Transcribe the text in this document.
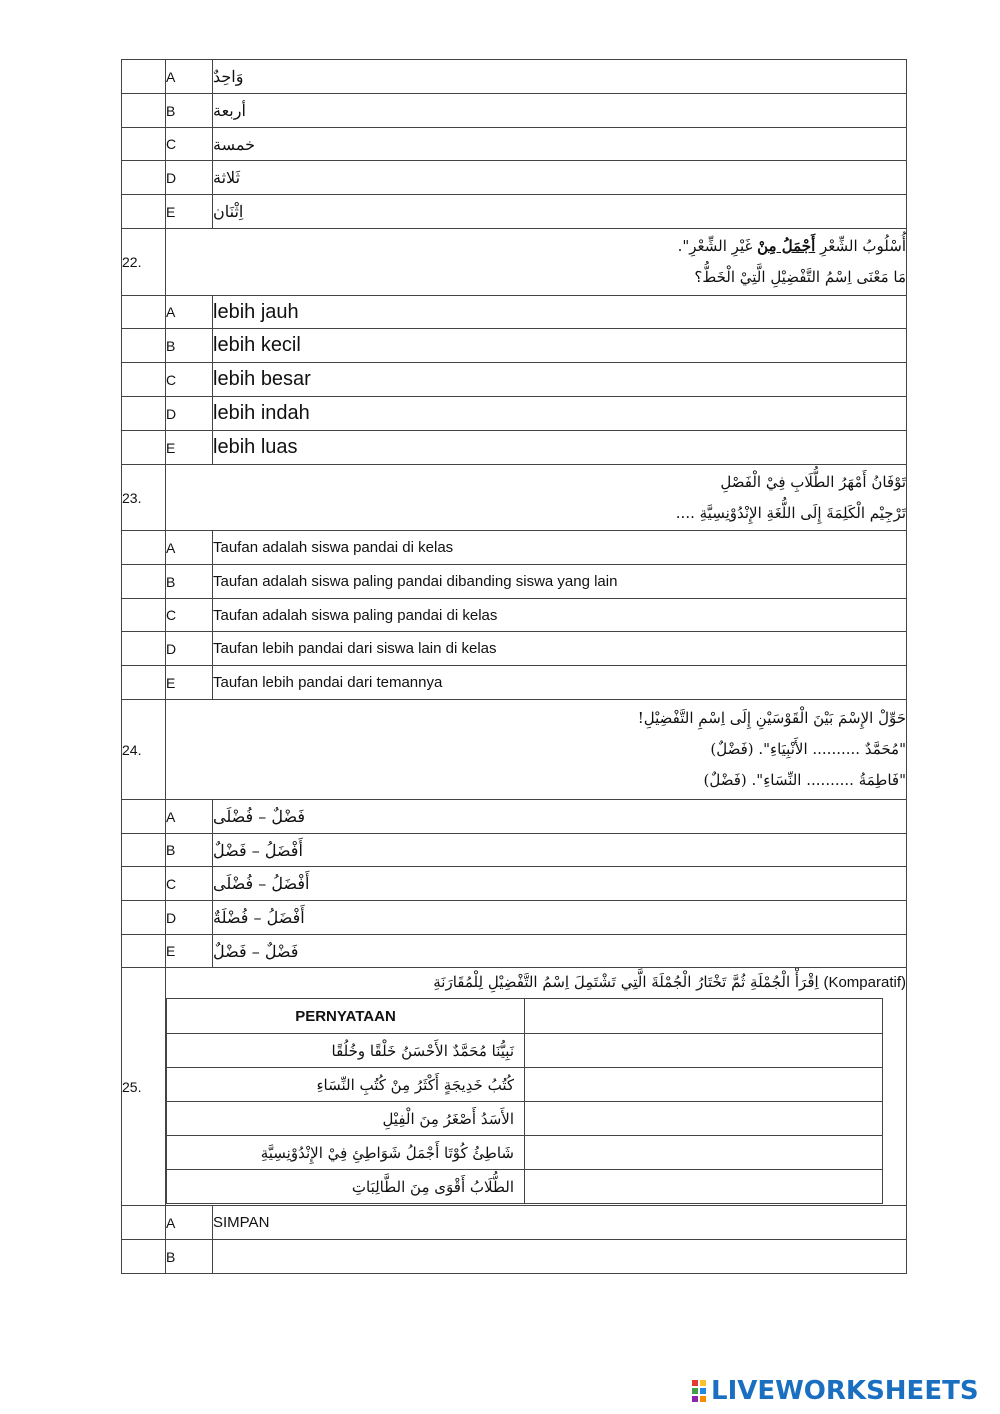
	A	وَاحِدٌ
	B	أربعة
	C	خمسة
	D	ثَلاثة
	E	اِثْنَان
22.	
أُسْلُوبُ الشِّعْرِ أَجْمَلُ مِنْ غَيْرِ الشِّعْرِ".
مَا مَعْنَى اِسْمُ التَّفْضِيْلِ الَّتِيْ الْخَطُّ؟

	A	lebih jauh
	B	lebih kecil
	C	lebih besar
	D	lebih indah
	E	lebih luas
23.	
تَوْفَانُ أَمْهَرُ الطُّلَابِ فِيْ الْفَصْلِ
تَرْجِيْم الْكَلِمَةَ إِلَى اللُّغَةِ الإِنْدُوْنِسِيَّةِ ....

	A	Taufan adalah siswa pandai di kelas
	B	Taufan adalah siswa paling pandai dibanding siswa yang lain
	C	Taufan adalah siswa paling pandai di kelas
	D	Taufan lebih pandai dari siswa lain di kelas
	E	Taufan lebih pandai dari temannya
24.	
حَوِّلْ الإِسْمَ بَيْنَ الْقَوْسَيْنِ إِلَى اِسْمِ التَّفْضِيْلِ!
"مُحَمَّدٌ .......... الأَنْبِيَاءِ". (فَضْلٌ)
"فَاطِمَةُ .......... النِّسَاءِ". (فَضْلٌ)

	A	فَضْلٌ – فُضْلَى
	B	أَفْضَلُ – فَضْلٌ
	C	أَفْضَلُ – فُضْلَى
	D	أَفْضَلُ – فُضْلَةٌ
	E	فَضْلٌ – فَضْلٌ
25.	
اِقْرَأْ الْجُمْلَةِ ثُمَّ تَخْتَارُ الْجُمْلَةَ الَّتِي تَشْتَمِلَ اِسْمُ التَّفْضِيْلِ لِلْمُقَارَنَةِ (Komparatif)
PERNYATAAN	
نَبِيُّنَا مُحَمَّدٌ الأَحْسَنُ خَلْقًا وخُلُقًا	
كُتُبُ خَدِيجَةٍ أَكْثَرُ مِنْ كُتُبِ النِّسَاءِ	
الأَسَدُ أَصْغَرُ مِنَ الْفِيْلِ	
شَاطِئُ كُوْتَا أَجْمَلُ شَوَاطِئِ فِيْ الإِنْدُوْنِسِيَّةِ	
الطُّلَابُ أَقْوَى مِنَ الطَّالِبَاتِ	

	A	SIMPAN
	B	
LIVEWORKSHEETS
